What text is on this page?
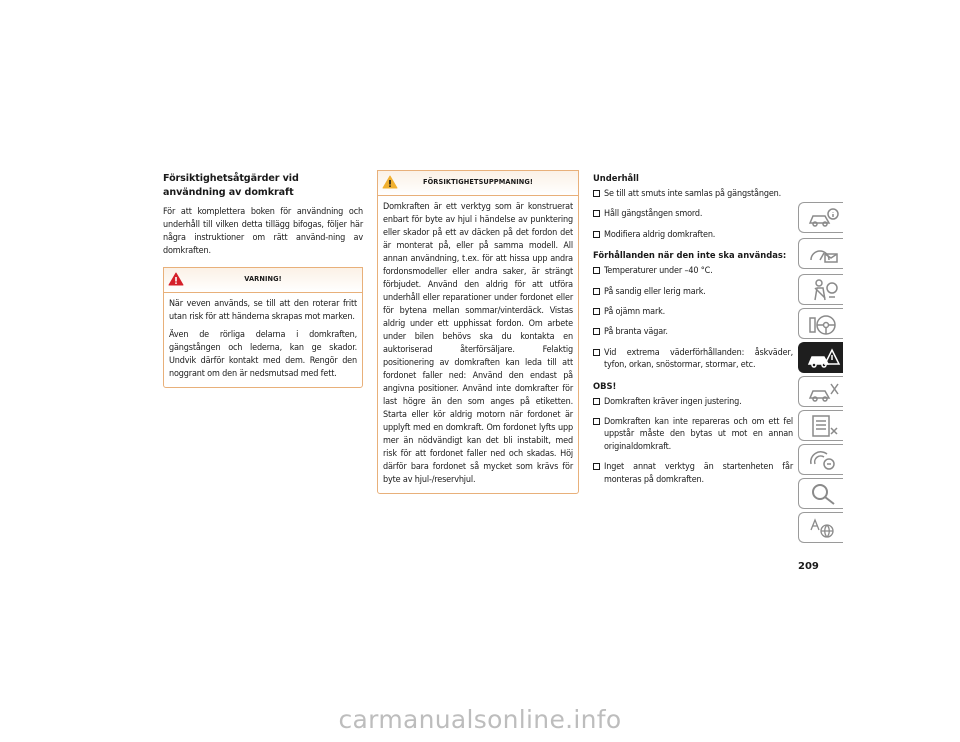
Försiktighetsåtgärder vid användning av domkraft

För att komplettera boken för användning och underhåll till vilken detta tillägg bifogas, följer här några instruktioner om rätt använd-ning av domkraften.

VARNING!

När veven används, se till att den roterar fritt utan risk för att händerna skrapas mot marken.

Även de rörliga delarna i domkraften, gängstången och lederna, kan ge skador. Undvik därför kontakt med dem. Rengör den noggrant om den är nedsmutsad med fett.

FÖRSIKTIGHETSUPPMANING!

Domkraften är ett verktyg som är konstruerat enbart för byte av hjul i händelse av punktering eller skador på ett av däcken på det fordon det är monterat på, eller på samma modell. All annan användning, t.ex. för att hissa upp andra fordonsmodeller eller andra saker, är strängt förbjudet. Använd den aldrig för att utföra underhåll eller reparationer under fordonet eller för bytena mellan sommar/vinterdäck. Vistas aldrig under ett upphissat fordon. Om arbete under bilen behövs ska du kontakta en auktoriserad återförsäljare. Felaktig positionering av domkraften kan leda till att fordonet faller ned: Använd den endast på angivna positioner. Använd inte domkrafter för last högre än den som anges på etiketten. Starta eller kör aldrig motorn när fordonet är upplyft med en domkraft. Om fordonet lyfts upp mer än nödvändigt kan det bli instabilt, med risk för att fordonet faller ned och skadas. Höj därför bara fordonet så mycket som krävs för byte av hjul-/reservhjul.

Underhåll
Se till att smuts inte samlas på gängstången.
Håll gängstången smord.
Modifiera aldrig domkraften.
Förhållanden när den inte ska användas:
Temperaturer under –40 °C.
På sandig eller lerig mark.
På ojämn mark.
På branta vägar.
Vid extrema väderförhållanden: åskväder, tyfon, orkan, snöstormar, stormar, etc.
OBS!
Domkraften kräver ingen justering.
Domkraften kan inte repareras och om ett fel uppstår måste den bytas ut mot en annan originaldomkraft.
Inget annat verktyg än startenheten får monteras på domkraften.
209
carmanualsonline.info
